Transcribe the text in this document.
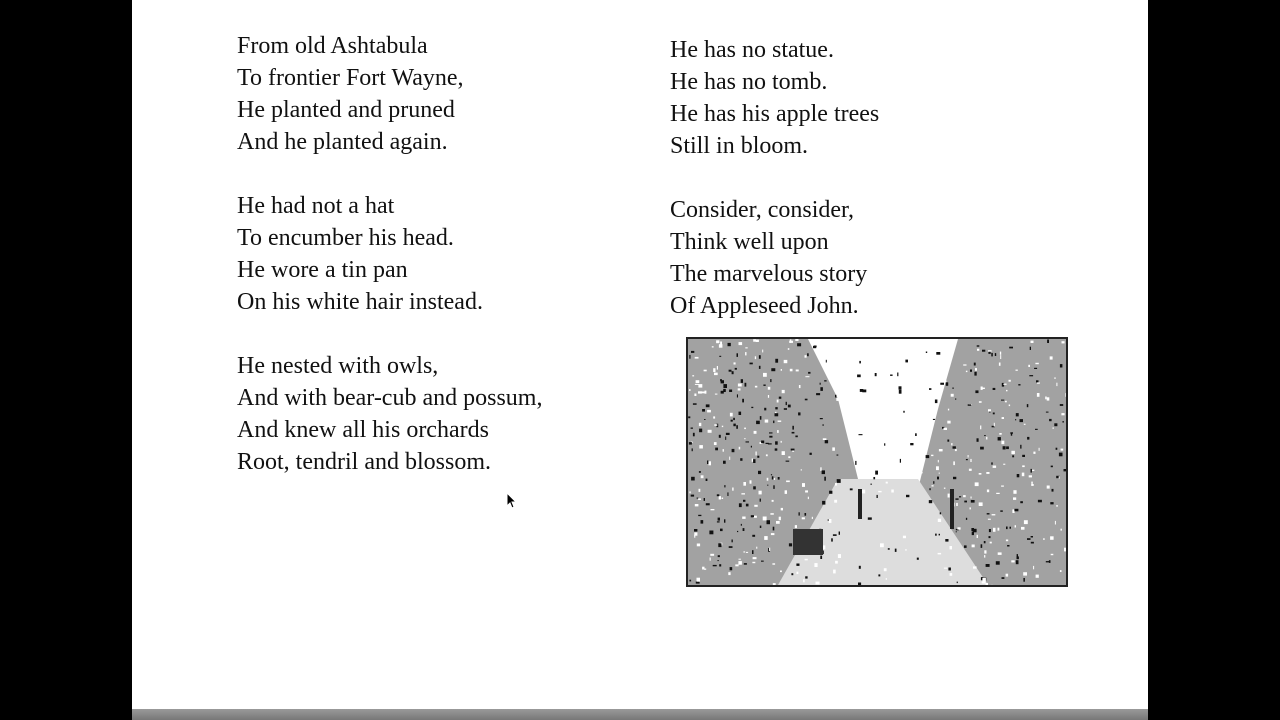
From old Ashtabula
To frontier Fort Wayne,
He planted and pruned
And he planted again.
He had not a hat
To encumber his head.
He wore a tin pan
On his white hair instead.
He nested with owls,
And with bear-cub and possum,
And knew all his orchards
Root, tendril and blossom.
He has no statue.
He has no tomb.
He has his apple trees
Still in bloom.
Consider, consider,
Think well upon
The marvelous story
Of Appleseed John.
